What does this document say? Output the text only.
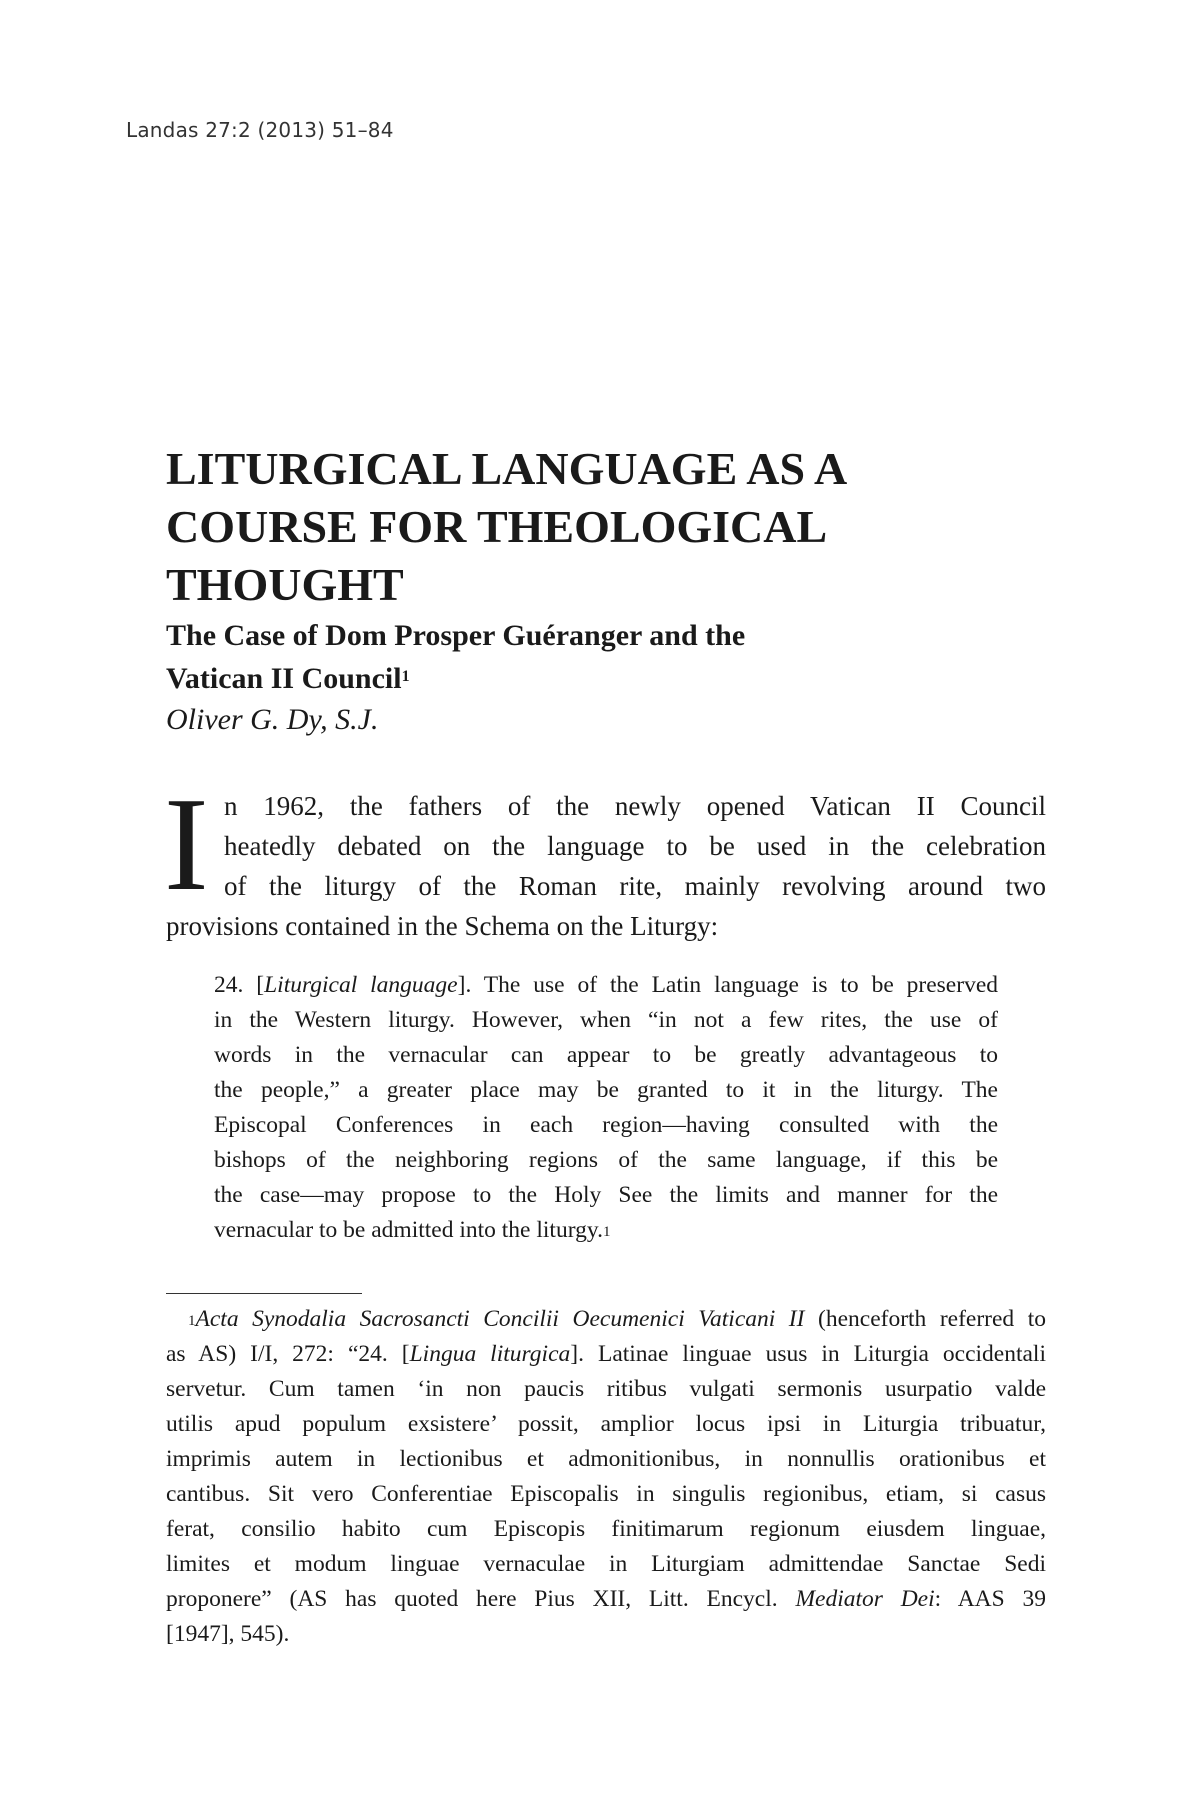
Landas 27:2 (2013) 51–84
LITURGICAL LANGUAGE AS A
COURSE FOR THEOLOGICAL
THOUGHT
The Case of Dom Prosper Guéranger and the
Vatican II Council$^1$

Oliver G. Dy, S.J.

I n 1962, the fathers of the newly opened Vatican II Council
heatedly debated on the language to be used in the celebration
of the liturgy of the Roman rite, mainly revolving around two
provisions contained in the Schema on the Liturgy:
24. [Liturgical language]. The use of the Latin language is to be preserved
in the Western liturgy. However, when “in not a few rites, the use of
words in the vernacular can appear to be greatly advantageous to
the people,” a greater place may be granted to it in the liturgy. The
Episcopal Conferences in each region—having consulted with the
bishops of the neighboring regions of the same language, if this be
the case—may propose to the Holy See the limits and manner for the
vernacular to be admitted into the liturgy.$^1$
$^1$Acta Synodalia Sacrosancti Concilii Oecumenici Vaticani II (henceforth referred to
as AS) I/I, 272: “24. [Lingua liturgica]. Latinae linguae usus in Liturgia occidentali
servetur. Cum tamen ‘in non paucis ritibus vulgati sermonis usurpatio valde
utilis apud populum exsistere’ possit, amplior locus ipsi in Liturgia tribuatur,
imprimis autem in lectionibus et admonitionibus, in nonnullis orationibus et
cantibus. Sit vero Conferentiae Episcopalis in singulis regionibus, etiam, si casus
ferat, consilio habito cum Episcopis finitimarum regionum eiusdem linguae,
limites et modum linguae vernaculae in Liturgiam admittendae Sanctae Sedi
proponere” (AS has quoted here Pius XII, Litt. Encycl. Mediator Dei: AAS 39
[1947], 545).
